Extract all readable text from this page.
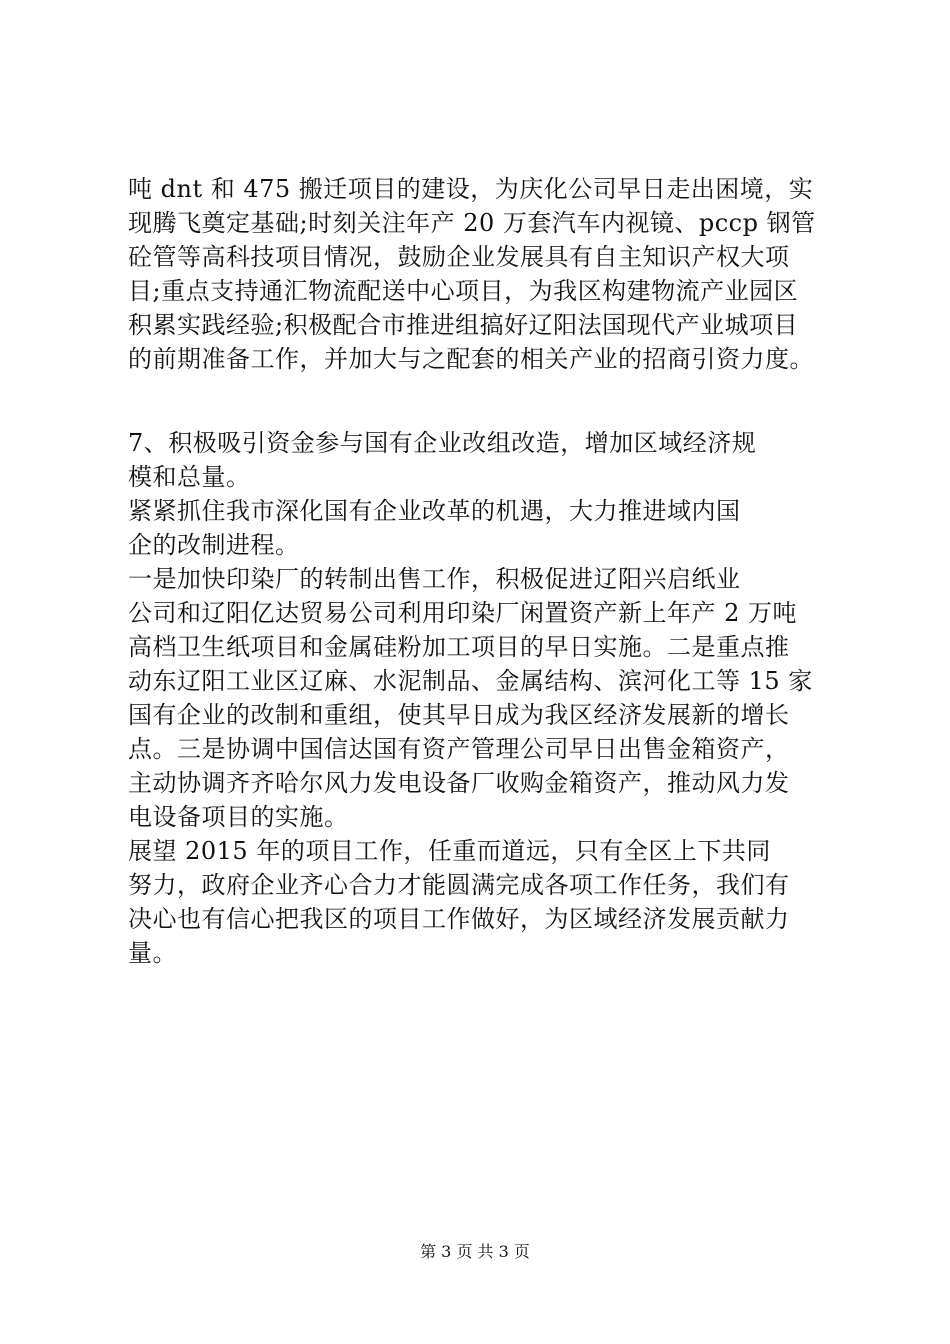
吨 dnt 和 475 搬迁项目的建设，为庆化公司早日走出困境，实
现腾飞奠定基础;时刻关注年产 20 万套汽车内视镜、pccp 钢管
砼管等高科技项目情况，鼓励企业发展具有自主知识产权大项
目;重点支持通汇物流配送中心项目，为我区构建物流产业园区
积累实践经验;积极配合市推进组搞好辽阳法国现代产业城项目
的前期准备工作，并加大与之配套的相关产业的招商引资力度。
7、积极吸引资金参与国有企业改组改造，增加区域经济规
模和总量。
紧紧抓住我市深化国有企业改革的机遇，大力推进域内国
企的改制进程。
一是加快印染厂的转制出售工作，积极促进辽阳兴启纸业
公司和辽阳亿达贸易公司利用印染厂闲置资产新上年产 2 万吨
高档卫生纸项目和金属硅粉加工项目的早日实施。二是重点推
动东辽阳工业区辽麻、水泥制品、金属结构、滨河化工等 15 家
国有企业的改制和重组，使其早日成为我区经济发展新的增长
点。三是协调中国信达国有资产管理公司早日出售金箱资产，
主动协调齐齐哈尔风力发电设备厂收购金箱资产，推动风力发
电设备项目的实施。
展望 2015 年的项目工作，任重而道远，只有全区上下共同
努力，政府企业齐心合力才能圆满完成各项工作任务，我们有
决心也有信心把我区的项目工作做好，为区域经济发展贡献力
量。
第 3 页 共 3 页
